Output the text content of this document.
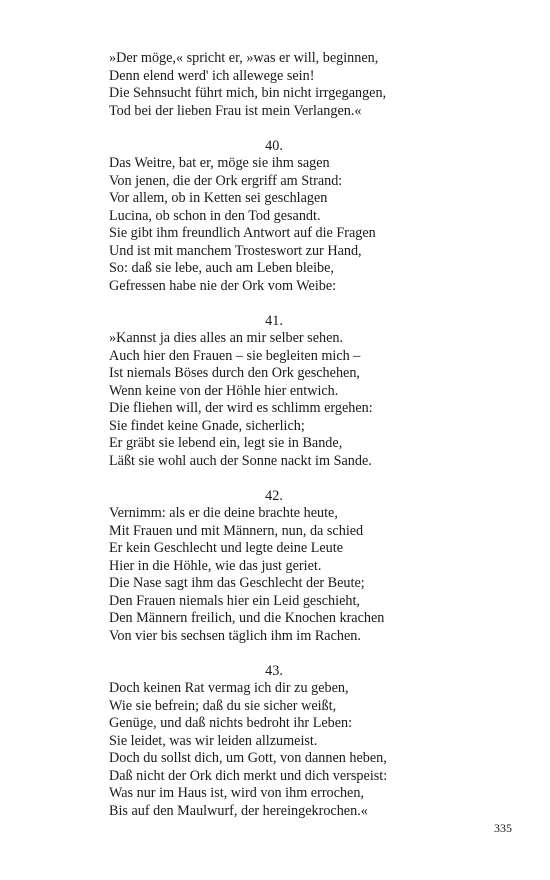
»Der möge,« spricht er, »was er will, beginnen,
Denn elend werd' ich allewege sein!
Die Sehnsucht führt mich, bin nicht irrgegangen,
Tod bei der lieben Frau ist mein Verlangen.«
40.
Das Weitre, bat er, möge sie ihm sagen
Von jenen, die der Ork ergriff am Strand:
Vor allem, ob in Ketten sei geschlagen
Lucina, ob schon in den Tod gesandt.
Sie gibt ihm freundlich Antwort auf die Fragen
Und ist mit manchem Trosteswort zur Hand,
So: daß sie lebe, auch am Leben bleibe,
Gefressen habe nie der Ork vom Weibe:
41.
»Kannst ja dies alles an mir selber sehen.
Auch hier den Frauen – sie begleiten mich –
Ist niemals Böses durch den Ork geschehen,
Wenn keine von der Höhle hier entwich.
Die fliehen will, der wird es schlimm ergehen:
Sie findet keine Gnade, sicherlich;
Er gräbt sie lebend ein, legt sie in Bande,
Läßt sie wohl auch der Sonne nackt im Sande.
42.
Vernimm: als er die deine brachte heute,
Mit Frauen und mit Männern, nun, da schied
Er kein Geschlecht und legte deine Leute
Hier in die Höhle, wie das just geriet.
Die Nase sagt ihm das Geschlecht der Beute;
Den Frauen niemals hier ein Leid geschieht,
Den Männern freilich, und die Knochen krachen
Von vier bis sechsen täglich ihm im Rachen.
43.
Doch keinen Rat vermag ich dir zu geben,
Wie sie befrein; daß du sie sicher weißt,
Genüge, und daß nichts bedroht ihr Leben:
Sie leidet, was wir leiden allzumeist.
Doch du sollst dich, um Gott, von dannen heben,
Daß nicht der Ork dich merkt und dich verspeist:
Was nur im Haus ist, wird von ihm errochen,
Bis auf den Maulwurf, der hereingekrochen.«
335
